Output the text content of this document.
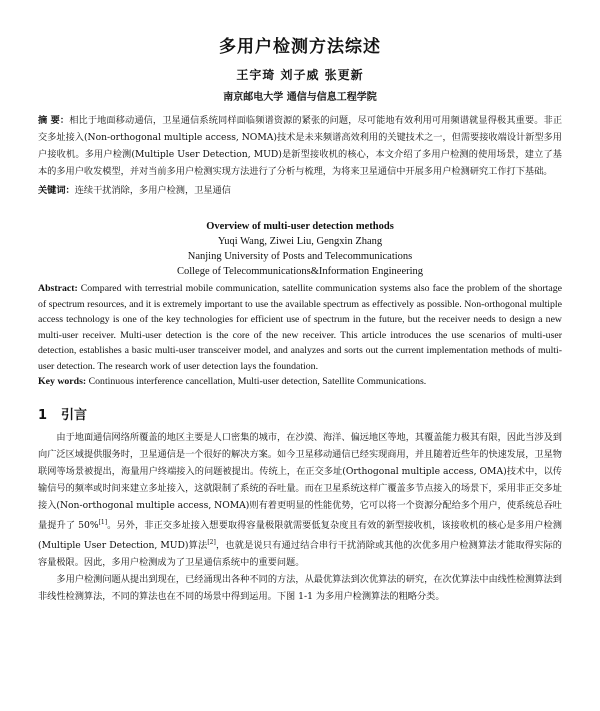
多用户检测方法综述
王宇琦 刘子威 张更新
南京邮电大学 通信与信息工程学院

摘 要：相比于地面移动通信，卫星通信系统同样面临频谱资源的紧张的问题，尽可能地有效利用可用频谱就显得极其重要。非正交多址接入(Non-orthogonal multiple access, NOMA)技术是未来频谱高效利用的关键技术之一，但需要接收端设计新型多用户接收机。多用户检测(Multiple User Detection, MUD)是新型接收机的核心，本文介绍了多用户检测的使用场景，建立了基本的多用户收发模型，并对当前多用户检测实现方法进行了分析与梳理，为将来卫星通信中开展多用户检测研究工作打下基础。

关键词：连续干扰消除，多用户检测，卫星通信
Overview of multi-user detection methods
Yuqi Wang, Ziwei Liu, Gengxin Zhang
Nanjing University of Posts and Telecommunications
College of Telecommunications&Information Engineering
Abstract: Compared with terrestrial mobile communication, satellite communication systems also face the problem of the shortage of spectrum resources, and it is extremely important to use the available spectrum as effectively as possible. Non-orthogonal multiple access technology is one of the key technologies for efficient use of spectrum in the future, but the receiver needs to design a new multi-user receiver. Multi-user detection is the core of the new receiver. This article introduces the use scenarios of multi-user detection, establishes a basic multi-user transceiver model, and analyzes and sorts out the current implementation methods of multi-user detection. The research work of user detection lays the foundation.
Key words: Continuous interference cancellation, Multi-user detection, Satellite Communications.
1 引言

由于地面通信网络所覆盖的地区主要是人口密集的城市，在沙漠、海洋、偏远地区等地，其覆盖能力极其有限，因此当涉及到向广泛区域提供服务时，卫星通信是一个很好的解决方案。如今卫星移动通信已经实现商用，并且随着近些年的快速发展，卫星物联网等场景被提出，海量用户终端接入的问题被提出。传统上，在正交多址(Orthogonal multiple access, OMA)技术中，以传输信号的频率或时间来建立多址接入，这就限制了系统的吞吐量。而在卫星系统这样广覆盖多节点接入的场景下，采用非正交多址接入(Non-orthogonal multiple access, NOMA)则有着更明显的性能优势，它可以将一个资源分配给多个用户，使系统总吞吐量提升了 50%[1]。另外，非正交多址接入想要取得容量极限就需要低复杂度且有效的新型接收机，该接收机的核心是多用户检测(Multiple User Detection, MUD)算法[2]，也就是说只有通过结合串行干扰消除或其他的次优多用户检测算法才能取得实际的容量极限。因此，多用户检测成为了卫星通信系统中的重要问题。

多用户检测问题从提出到现在，已经涌现出各种不同的方法，从最优算法到次优算法的研究，在次优算法中由线性检测算法到非线性检测算法，不同的算法也在不同的场景中得到运用。下图 1-1 为多用户检测算法的粗略分类。
